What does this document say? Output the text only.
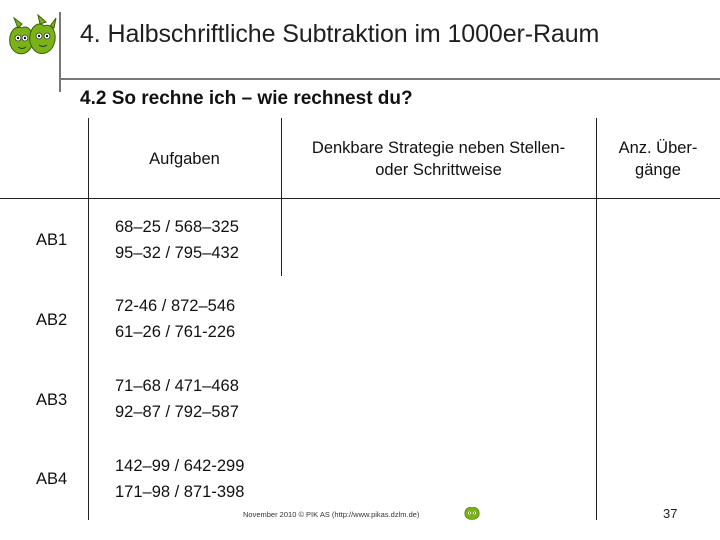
4. Halbschriftliche Subtraktion im 1000er-Raum
4.2 So rechne ich – wie rechnest du?
Aufgaben
Denkbare Strategie neben Stellen-
oder Schrittweise
Anz. Über-
gänge
AB1
68–25 / 568–325
95–32 / 795–432
AB2
72-46 / 872–546
61–26 / 761-226
AB3
71–68 / 471–468
92–87 / 792–587
AB4
142–99 / 642-299
171–98 / 871-398
November 2010 © PIK AS (http://www.pikas.dzlm.de)	37
